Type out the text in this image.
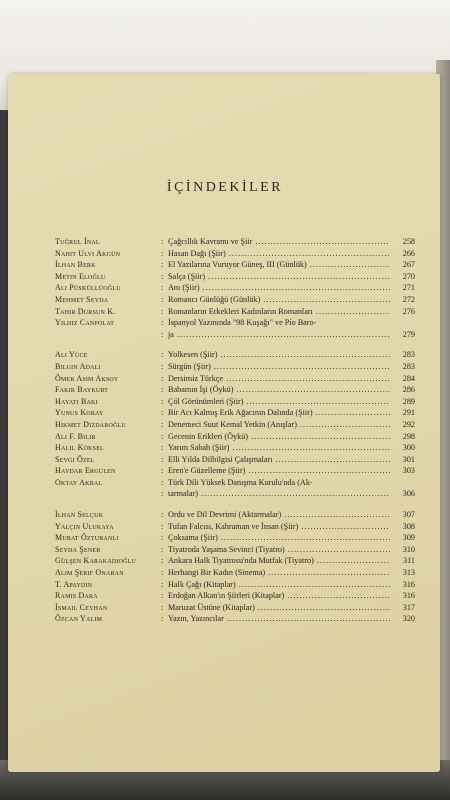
İÇİNDEKİLER
Tuğrul İnal	: Çağcıllık Kavramı ve Şiir .....	258
Nahit Ulvi Akgün	: Hasan Dağı (Şiir) .....	266
İlhan Berk	: El Yazılarına Vuruyor Güneş, III (Günlük) .....	267
Metin Eloğlu	: Salça (Şiir) .....	270
Ali Püsküllüoğlu	: Anı (Şiir) .....	271
Mehmet Seyda	: Romancı Günlüğü (Günlük) .....	272
Tahir Dursun K.	: Romanların Erkekleri Kadınların Romanları .....	276
Yıldız Canpolat	: İspanyol Yazınında "98 Kuşağı" ve Pío Baro-
: ja .....	279
Ali Yüce	: Yolkesen (Şiir) .....	283
Bilgin Adalı	: Sürgün (Şiir) .....	283
Ömer Asım Aksoy	: Dersimiz Türkçe .....	284
Fakir Baykurt	: Babamın İşi (Öykü) .....	286
Hayati Baki	: Çöl Görünümleri (Şiir) .....	289
Yunus Koray	: Bir Acı Kalmış Erik Ağacının Dalında (Şiir) .....	291
Hikmet Dizdaroğlu	: Denemeci Suut Kemal Yetkin (Anışlar) .....	292
Ali F. Bilir	: Gecenin Erikleri (Öykü) .....	298
Halil Köksel	: Yarım Sabah (Şiir) .....	300
Sevgi Özel	: Elli Yılda Dilbilgisi Çalışmaları .....	301
Haydar Ergülen	: Eren'e Güzelleme (Şiir) .....	303
Oktay Akbal	: Türk Dili Yüksek Danışma Kurulu'nda (Ak-
: tarmalar) .....	306
İlhan Selçuk	: Ordu ve Dil Devrimi (Aktarmalar) .....	307
Yalçın Ulukaya	: Tufan Falcısı, Kahraman ve İnsan (Şiir) .....	308
Murat Özturanlı	: Çoksama (Şiir) .....	309
Seyda Şener	: Tiyatroda Yaşama Sevinci (Tiyatro) .....	310
Gülşen Karakadıoğlu	: Ankara Halk Tiyatrosu'nda Mutfak (Tiyatro) .....	311
Alim Şerif Onaran	: Herhangi Bir Kadın (Sinema) .....	313
T. Apaydın	: Halk Çağı (Kitaplar) .....	316
Ramis Dara	: Erdoğan Alkan'ın Şiirleri (Kitaplar) .....	316
İsmail Ceyhan	: Maruzat Üstüne (Kitaplar) .....	317
Özcan Yalım	: Yazın, Yazıncılar .....	320
